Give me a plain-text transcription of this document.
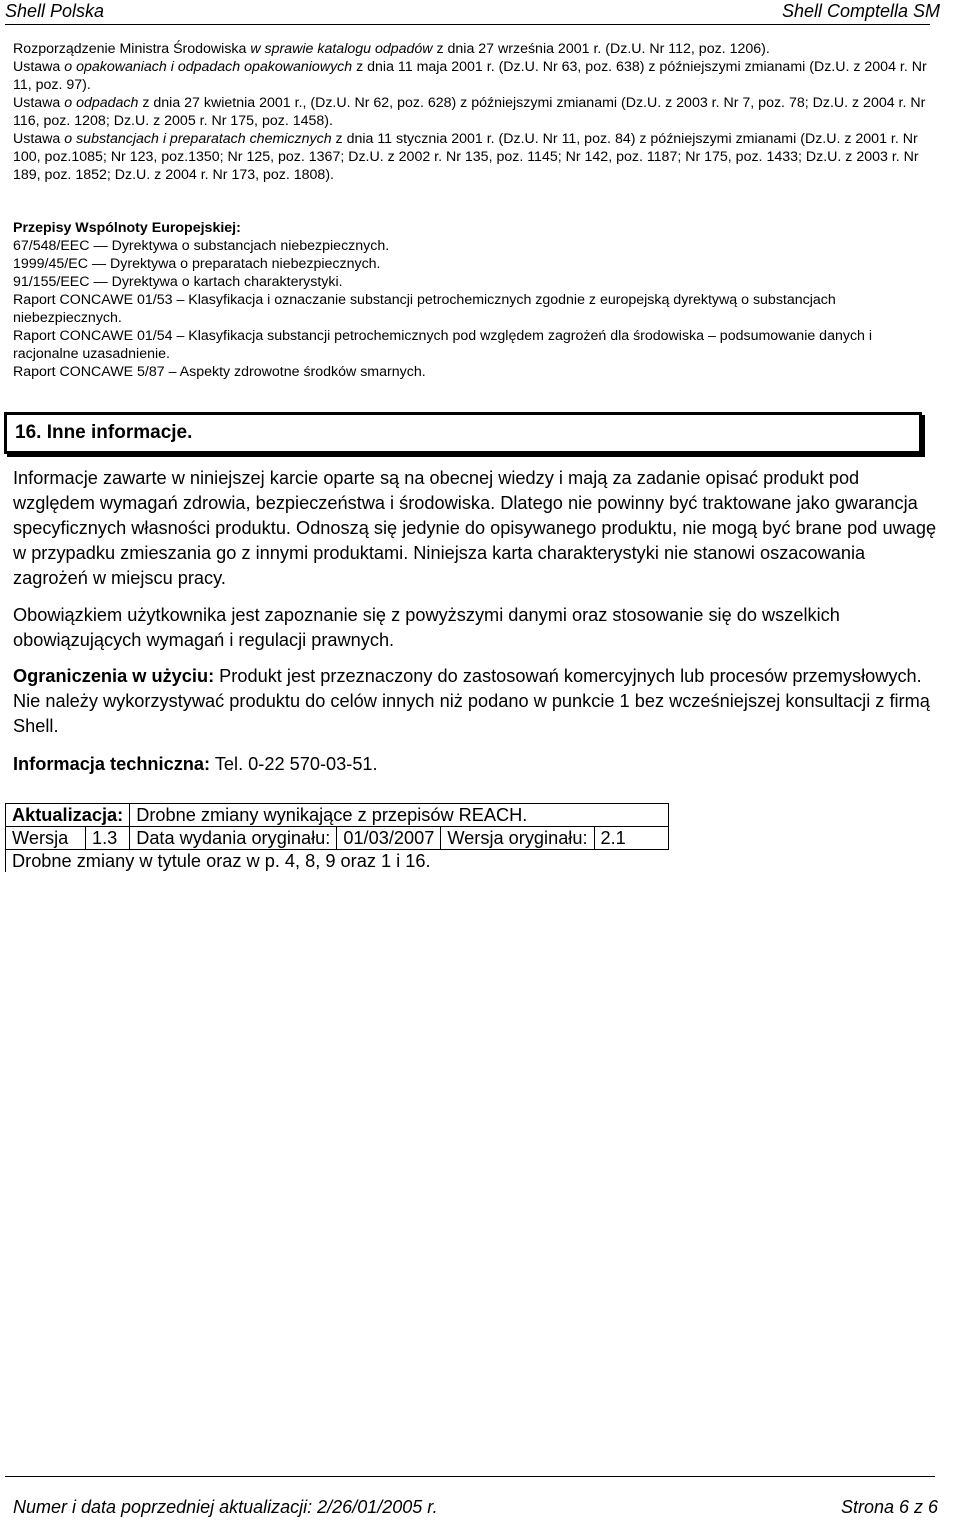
Shell Polska	Shell Comptella SM

Rozporządzenie Ministra Środowiska w sprawie katalogu odpadów z dnia 27 września 2001 r. (Dz.U. Nr 112, poz. 1206).

Ustawa o opakowaniach i odpadach opakowaniowych z dnia 11 maja 2001 r. (Dz.U. Nr 63, poz. 638) z późniejszymi zmianami (Dz.U. z 2004 r. Nr 11, poz. 97).

Ustawa o odpadach z dnia 27 kwietnia 2001 r., (Dz.U. Nr 62, poz. 628) z późniejszymi zmianami (Dz.U. z 2003 r. Nr 7, poz. 78; Dz.U. z 2004 r. Nr 116, poz. 1208; Dz.U. z 2005 r. Nr 175, poz. 1458).

Ustawa o substancjach i preparatach chemicznych z dnia 11 stycznia 2001 r. (Dz.U. Nr 11, poz. 84) z późniejszymi zmianami (Dz.U. z 2001 r. Nr 100, poz.1085; Nr 123, poz.1350; Nr 125, poz. 1367; Dz.U. z 2002 r. Nr 135, poz. 1145; Nr 142, poz. 1187; Nr 175, poz. 1433; Dz.U. z 2003 r. Nr 189, poz. 1852; Dz.U. z 2004 r. Nr 173, poz. 1808).

Przepisy Wspólnoty Europejskiej:

67/548/EEC — Dyrektywa o substancjach niebezpiecznych.

1999/45/EC — Dyrektywa o preparatach niebezpiecznych.

91/155/EEC — Dyrektywa o kartach charakterystyki.

Raport CONCAWE 01/53 – Klasyfikacja i oznaczanie substancji petrochemicznych zgodnie z europejską dyrektywą o substancjach niebezpiecznych.

Raport CONCAWE 01/54 – Klasyfikacja substancji petrochemicznych pod względem zagrożeń dla środowiska – podsumowanie danych i racjonalne uzasadnienie.

Raport CONCAWE 5/87 – Aspekty zdrowotne środków smarnych.

16. Inne informacje.

Informacje zawarte w niniejszej karcie oparte są na obecnej wiedzy i mają za zadanie opisać produkt pod względem wymagań zdrowia, bezpieczeństwa i środowiska. Dlatego nie powinny być traktowane jako gwarancja specyficznych własności produktu. Odnoszą się jedynie do opisywanego produktu, nie mogą być brane pod uwagę w przypadku zmieszania go z innymi produktami. Niniejsza karta charakterystyki nie stanowi oszacowania zagrożeń w miejscu pracy.

Obowiązkiem użytkownika jest zapoznanie się z powyższymi danymi oraz stosowanie się do wszelkich obowiązujących wymagań i regulacji prawnych.

Ograniczenia w użyciu: Produkt jest przeznaczony do zastosowań komercyjnych lub procesów przemysłowych. Nie należy wykorzystywać produktu do celów innych niż podano w punkcie 1 bez wcześniejszej konsultacji z firmą Shell.

Informacja techniczna: Tel. 0-22 570-03-51.

Aktualizacja:		Drobne zmiany wynikające z przepisów REACH.			
Wersja	1.3	Data wydania oryginału:	01/03/2007	Wersja oryginału:	2.1
Drobne zmiany w tytule oraz w p. 4, 8, 9 oraz 1 i 16.					
Numer i data poprzedniej aktualizacji: 2/26/01/2005 r.	Strona 6 z 6
